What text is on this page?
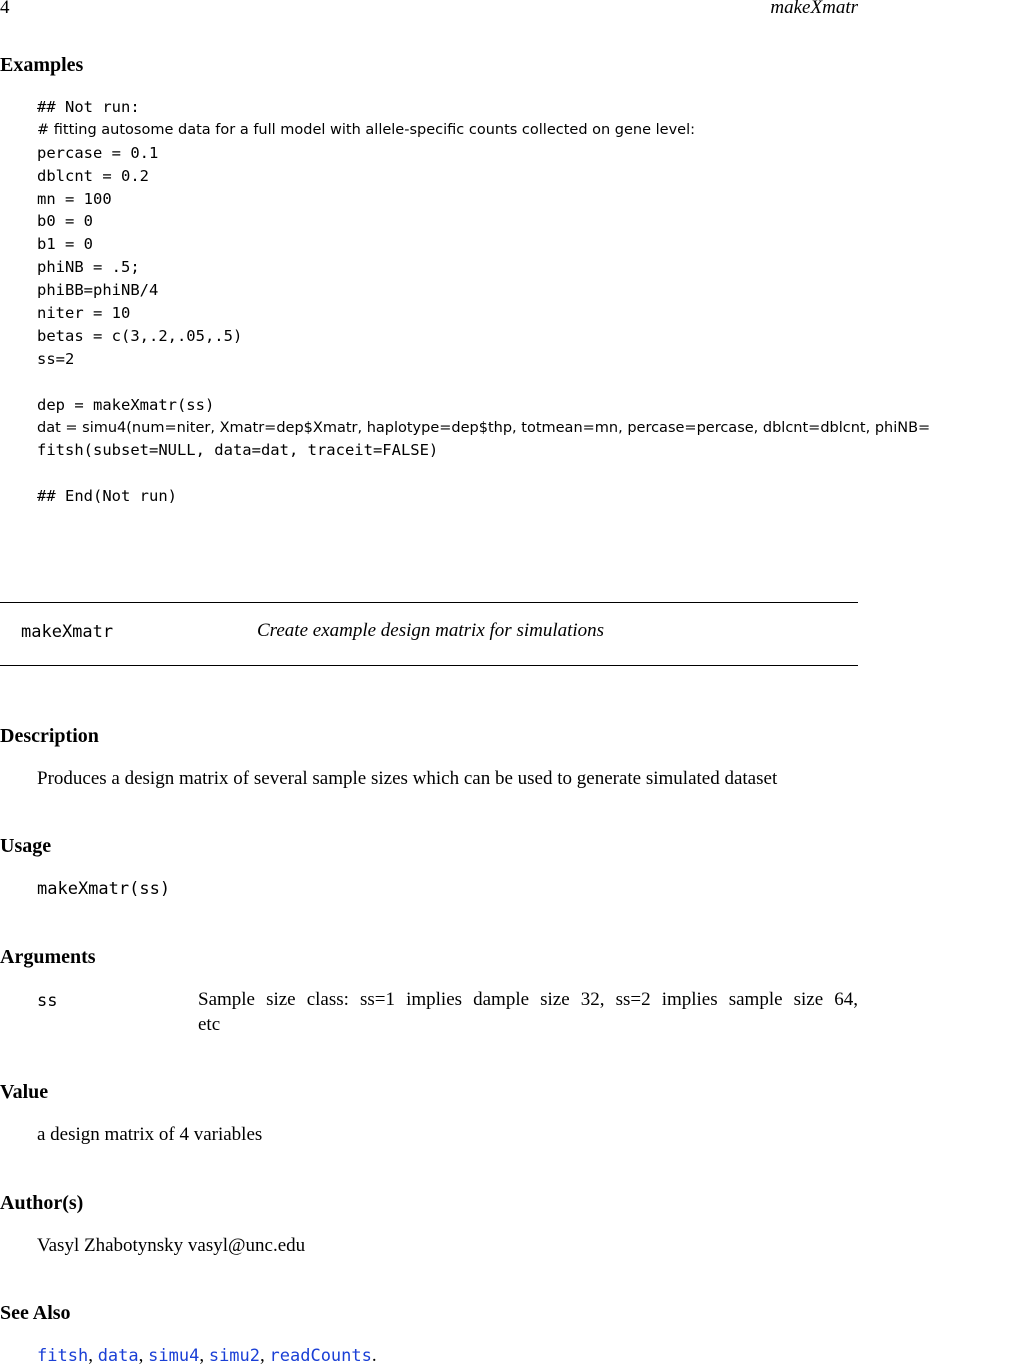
4	makeXmatr
Examples
## Not run:
# fitting autosome data for a full model with allele-specific counts collected on gene level:
percase = 0.1
dblcnt = 0.2
mn = 100
b0 = 0
b1 = 0
phiNB = .5;
phiBB=phiNB/4
niter = 10
betas = c(3,.2,.05,.5)
ss=2
dep = makeXmatr(ss)
dat = simu4(num=niter, Xmatr=dep$Xmatr, haplotype=dep$thp, totmean=mn, percase=percase, dblcnt=dblcnt, phiNB=
fitsh(subset=NULL, data=dat, traceit=FALSE)
## End(Not run)
makeXmatr	Create example design matrix for simulations
Description
Produces a design matrix of several sample sizes which can be used to generate simulated dataset
Usage
makeXmatr(ss)
Arguments
ss	Sample size class: ss=1 implies dample size 32, ss=2 implies sample size 64,
etc
Value
a design matrix of 4 variables
Author(s)
Vasyl Zhabotynsky vasyl@unc.edu
See Also
fitsh, data, simu4, simu2, readCounts.
